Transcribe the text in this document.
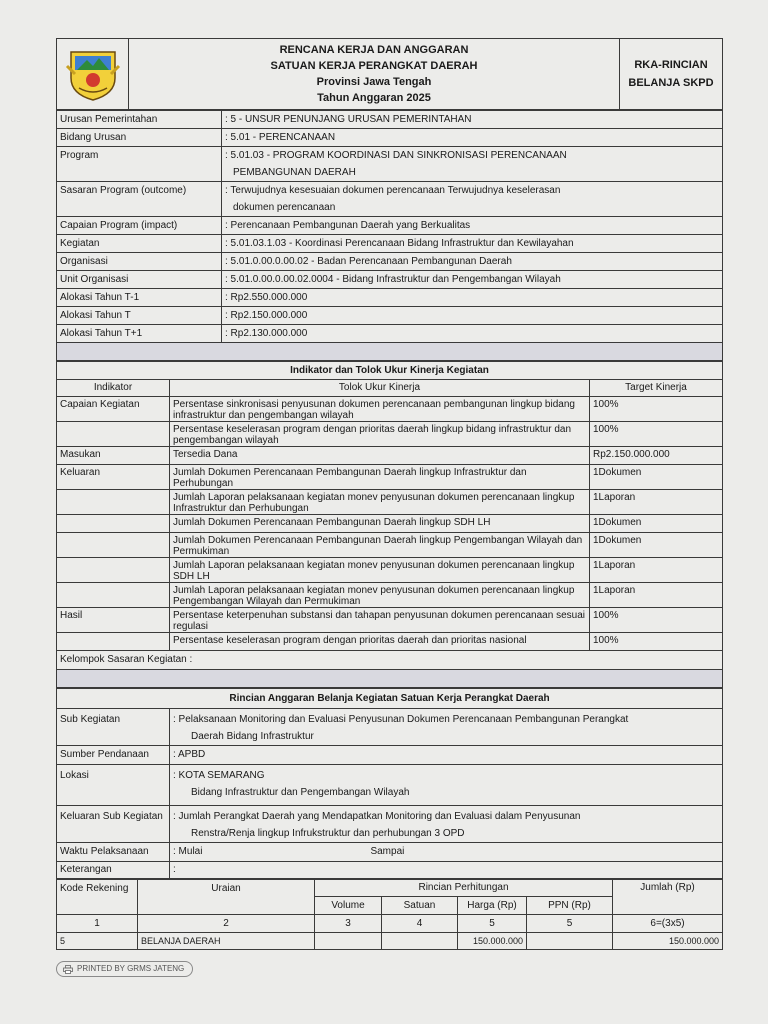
RENCANA KERJA DAN ANGGARAN
SATUAN KERJA PERANGKAT DAERAH
Provinsi Jawa Tengah
Tahun Anggaran 2025

RKA-RINCIAN
BELANJA SKPD
Urusan Pemerintahan	: 5 - UNSUR PENUNJANG URUSAN PEMERINTAHAN
Bidang Urusan	: 5.01 - PERENCANAAN
Program	: 5.01.03 - PROGRAM KOORDINASI DAN SINKRONISASI PERENCANAAN
PEMBANGUNAN DAERAH

Sasaran Program (outcome)	: Terwujudnya kesesuaian dokumen perencanaan Terwujudnya keselerasan
dokumen perencanaan

Capaian Program (impact)	: Perencanaan Pembangunan Daerah yang Berkualitas
Kegiatan	: 5.01.03.1.03 - Koordinasi Perencanaan Bidang Infrastruktur dan Kewilayahan
Organisasi	: 5.01.0.00.0.00.02 - Badan Perencanaan Pembangunan Daerah
Unit Organisasi	: 5.01.0.00.0.00.02.0004 - Bidang Infrastruktur dan Pengembangan Wilayah
Alokasi Tahun T-1	: Rp2.550.000.000
Alokasi Tahun T	: Rp2.150.000.000
Alokasi Tahun T+1	: Rp2.130.000.000

Indikator dan Tolok Ukur Kinerja Kegiatan		
Indikator	Tolok Ukur Kinerja	Target Kinerja
Capaian Kegiatan	Persentase sinkronisasi penyusunan dokumen perencanaan pembangunan lingkup bidang infrastruktur dan pengembangan wilayah	100%
	Persentase keselerasan program dengan prioritas daerah lingkup bidang infrastruktur dan pengembangan wilayah	100%
Masukan	Tersedia Dana	Rp2.150.000.000
Keluaran	Jumlah Dokumen Perencanaan Pembangunan Daerah lingkup Infrastruktur dan Perhubungan	1Dokumen
	Jumlah Laporan pelaksanaan kegiatan monev penyusunan dokumen perencanaan lingkup Infrastruktur dan Perhubungan	1Laporan
	Jumlah Dokumen Perencanaan Pembangunan Daerah lingkup SDH LH	1Dokumen
	Jumlah Dokumen Perencanaan Pembangunan Daerah lingkup Pengembangan Wilayah dan Permukiman	1Dokumen
	Jumlah Laporan pelaksanaan kegiatan monev penyusunan dokumen perencanaan lingkup SDH LH	1Laporan
	Jumlah Laporan pelaksanaan kegiatan monev penyusunan dokumen perencanaan lingkup Pengembangan Wilayah dan Permukiman	1Laporan
Hasil	Persentase keterpenuhan substansi dan tahapan penyusunan dokumen perencanaan sesuai regulasi	100%
	Persentase keselerasan program dengan prioritas daerah dan prioritas nasional	100%
Kelompok Sasaran Kegiatan :		

Rincian Anggaran Belanja Kegiatan Satuan Kerja Perangkat Daerah	
Sub Kegiatan	: Pelaksanaan Monitoring dan Evaluasi Penyusunan Dokumen Perencanaan Pembangunan Perangkat
Daerah Bidang Infrastruktur

Sumber Pendanaan	: APBD
Lokasi	: KOTA SEMARANG
Bidang Infrastruktur dan Pengembangan Wilayah

Keluaran Sub Kegiatan	: Jumlah Perangkat Daerah yang Mendapatkan Monitoring dan Evaluasi dalam Penyusunan
Renstra/Renja lingkup Infrukstruktur dan perhubungan 3 OPD

Waktu Pelaksanaan	: Mulai Sampai
Keterangan	:
Kode Rekening	Uraian	Rincian Perhitungan				Jumlah (Rp)
		Volume	Satuan	Harga (Rp)	PPN (Rp)	
1	2	3	4	5	5	6=(3x5)
5	BELANJA DAERAH			150.000.000		150.000.000
PRINTED BY GRMS JATENG
